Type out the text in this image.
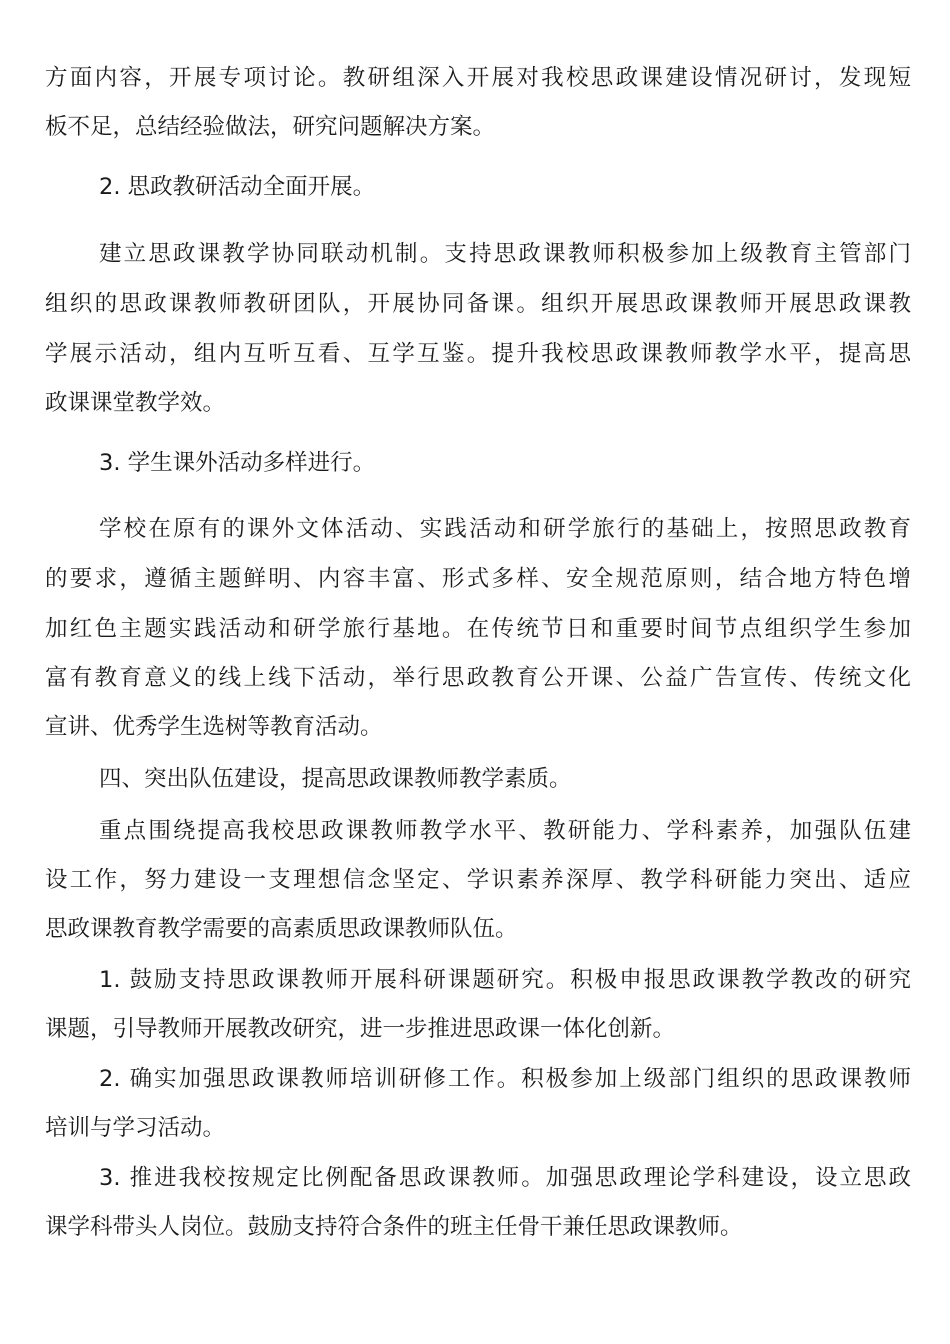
方面内容，开展专项讨论。教研组深入开展对我校思政课建设情况研讨，发现短
板不足，总结经验做法，研究问题解决方案。
2. 思政教研活动全面开展。
建立思政课教学协同联动机制。支持思政课教师积极参加上级教育主管部门
组织的思政课教师教研团队，开展协同备课。组织开展思政课教师开展思政课教
学展示活动，组内互听互看、互学互鉴。提升我校思政课教师教学水平，提高思
政课课堂教学效。
3. 学生课外活动多样进行。
学校在原有的课外文体活动、实践活动和研学旅行的基础上，按照思政教育
的要求，遵循主题鲜明、内容丰富、形式多样、安全规范原则，结合地方特色增
加红色主题实践活动和研学旅行基地。在传统节日和重要时间节点组织学生参加
富有教育意义的线上线下活动，举行思政教育公开课、公益广告宣传、传统文化
宣讲、优秀学生选树等教育活动。
四、突出队伍建设，提高思政课教师教学素质。
重点围绕提高我校思政课教师教学水平、教研能力、学科素养，加强队伍建
设工作，努力建设一支理想信念坚定、学识素养深厚、教学科研能力突出、适应
思政课教育教学需要的高素质思政课教师队伍。
1. 鼓励支持思政课教师开展科研课题研究。积极申报思政课教学教改的研究
课题，引导教师开展教改研究，进一步推进思政课一体化创新。
2. 确实加强思政课教师培训研修工作。积极参加上级部门组织的思政课教师
培训与学习活动。
3. 推进我校按规定比例配备思政课教师。加强思政理论学科建设，设立思政
课学科带头人岗位。鼓励支持符合条件的班主任骨干兼任思政课教师。
